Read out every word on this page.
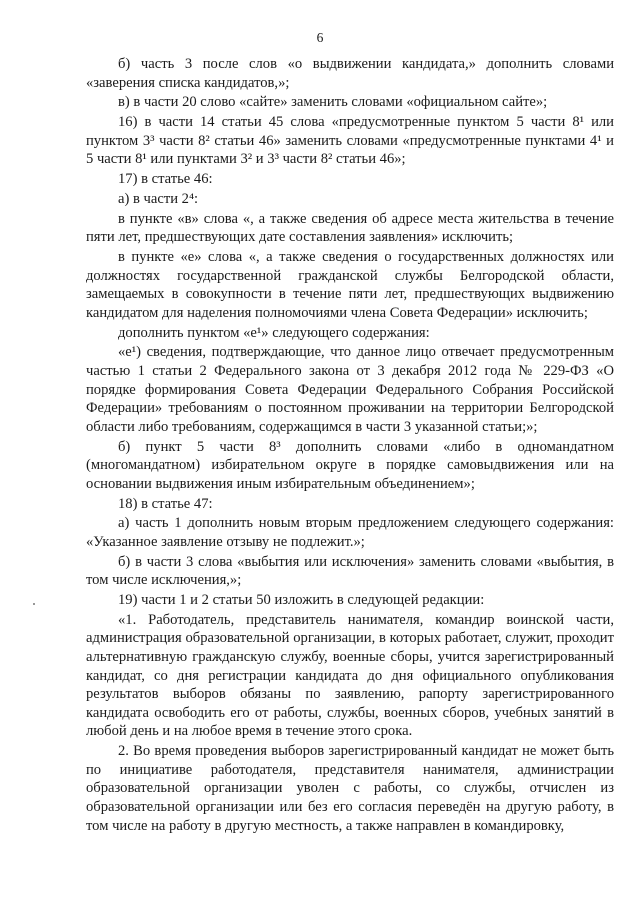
6

б) часть 3 после слов «о выдвижении кандидата,» дополнить словами «заверения списка кандидатов,»;

в) в части 20 слово «сайте» заменить словами «официальном сайте»;

16) в части 14 статьи 45 слова «предусмотренные пунктом 5 части 8¹ или пунктом 3³ части 8² статьи 46» заменить словами «предусмотренные пунктами 4¹ и 5 части 8¹ или пунктами 3² и 3³ части 8² статьи 46»;

17) в статье 46:

а) в части 2⁴:

в пункте «в» слова «, а также сведения об адресе места жительства в течение пяти лет, предшествующих дате составления заявления» исключить;

в пункте «е» слова «, а также сведения о государственных должностях или должностях государственной гражданской службы Белгородской области, замещаемых в совокупности в течение пяти лет, предшествующих выдвижению кандидатом для наделения полномочиями члена Совета Федерации» исключить;

дополнить пунктом «е¹» следующего содержания:

«е¹) сведения, подтверждающие, что данное лицо отвечает предусмотренным частью 1 статьи 2 Федерального закона от 3 декабря 2012 года № 229-ФЗ «О порядке формирования Совета Федерации Федерального Собрания Российской Федерации» требованиям о постоянном проживании на территории Белгородской области либо требованиям, содержащимся в части 3 указанной статьи;»;

б) пункт 5 части 8³ дополнить словами «либо в одномандатном (многомандатном) избирательном округе в порядке самовыдвижения или на основании выдвижения иным избирательным объединением»;

18) в статье 47:

а) часть 1 дополнить новым вторым предложением следующего содержания: «Указанное заявление отзыву не подлежит.»;

б) в части 3 слова «выбытия или исключения» заменить словами «выбытия, в том числе исключения,»;

19) части 1 и 2 статьи 50 изложить в следующей редакции:

«1. Работодатель, представитель нанимателя, командир воинской части, администрация образовательной организации, в которых работает, служит, проходит альтернативную гражданскую службу, военные сборы, учится зарегистрированный кандидат, со дня регистрации кандидата до дня официального опубликования результатов выборов обязаны по заявлению, рапорту зарегистрированного кандидата освободить его от работы, службы, военных сборов, учебных занятий в любой день и на любое время в течение этого срока.

2. Во время проведения выборов зарегистрированный кандидат не может быть по инициативе работодателя, представителя нанимателя, администрации образовательной организации уволен с работы, со службы, отчислен из образовательной организации или без его согласия переведён на другую работу, в том числе на работу в другую местность, а также направлен в командировку,
